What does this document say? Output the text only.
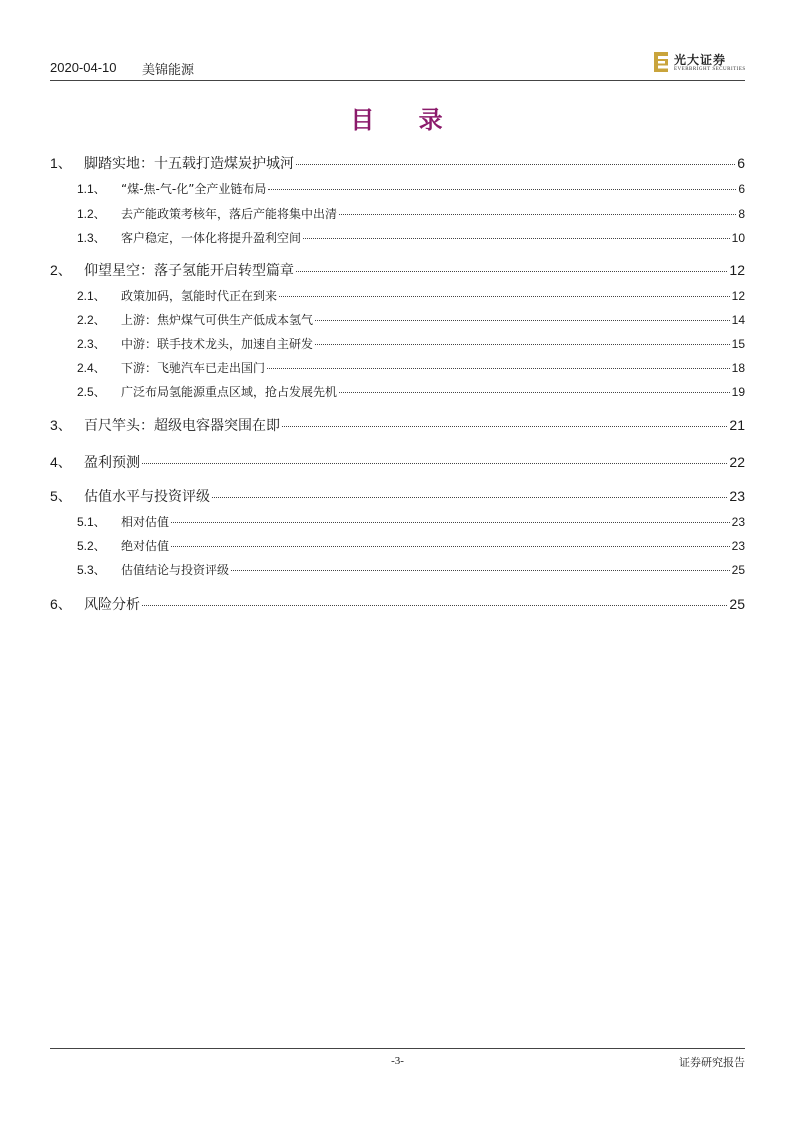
2020-04-10 美锦能源
光大证券
EVERBRIGHT SECURITIES
目 录
1、 脚踏实地：十五载打造煤炭护城河	6
1.1、	“煤-焦-气-化”全产业链布局	6
1.2、	去产能政策考核年，落后产能将集中出清	8
1.3、	客户稳定，一体化将提升盈利空间	10
2、 仰望星空：落子氢能开启转型篇章	12
2.1、	政策加码，氢能时代正在到来	12
2.2、	上游：焦炉煤气可供生产低成本氢气	14
2.3、	中游：联手技术龙头，加速自主研发	15
2.4、	下游：飞驰汽车已走出国门	18
2.5、	广泛布局氢能源重点区域，抢占发展先机	19
3、 百尺竿头：超级电容器突围在即	21
4、 盈利预测	22
5、 估值水平与投资评级	23
5.1、	相对估值	23
5.2、	绝对估值	23
5.3、	估值结论与投资评级	25
6、 风险分析	25
-3-	证券研究报告
